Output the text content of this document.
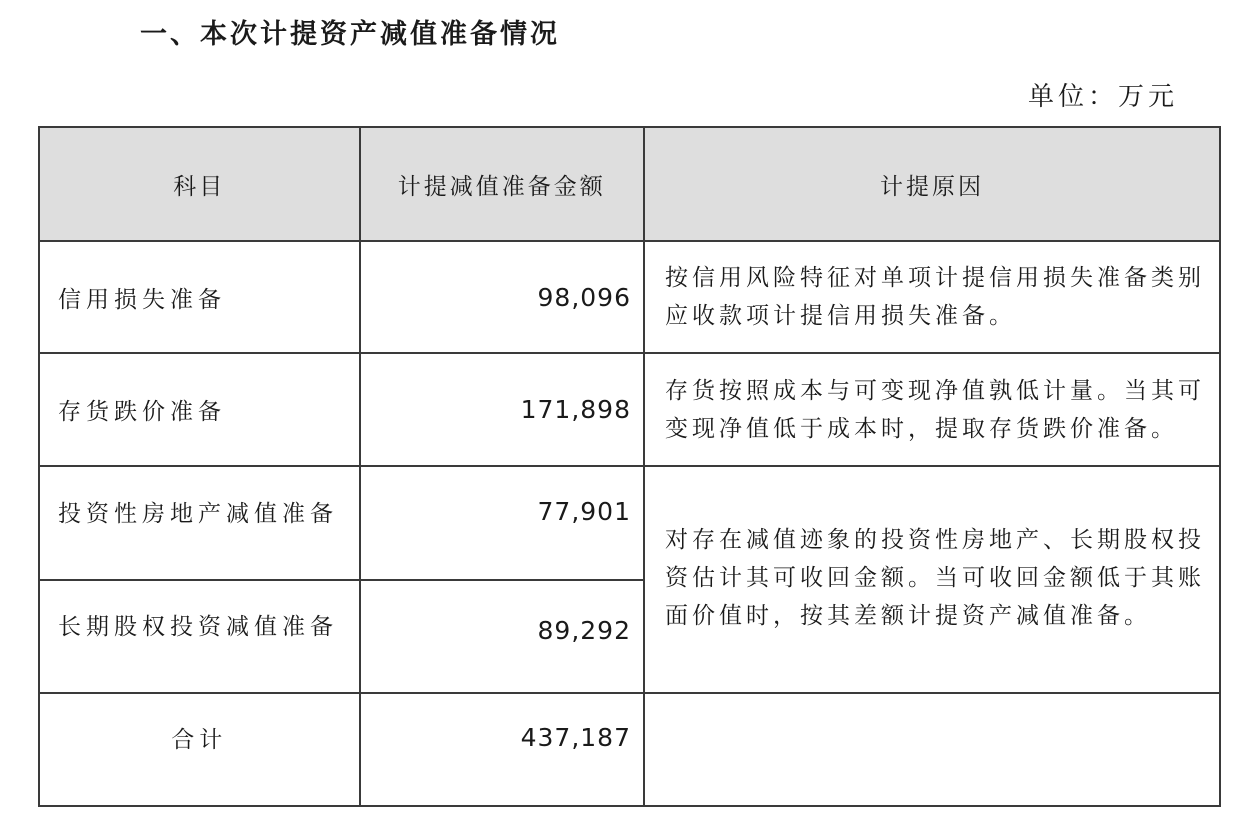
一、本次计提资产减值准备情况
单位：万元
科目	计提减值准备金额	计提原因
信用损失准备	98,096	按信用风险特征对单项计提信用损失准备类别应收款项计提信用损失准备。
存货跌价准备	171,898	存货按照成本与可变现净值孰低计量。当其可变现净值低于成本时，提取存货跌价准备。
投资性房地产减值准备	77,901	对存在减值迹象的投资性房地产、长期股权投资估计其可收回金额。当可收回金额低于其账面价值时，按其差额计提资产减值准备。
长期股权投资减值准备	89,292	
合计	437,187	
